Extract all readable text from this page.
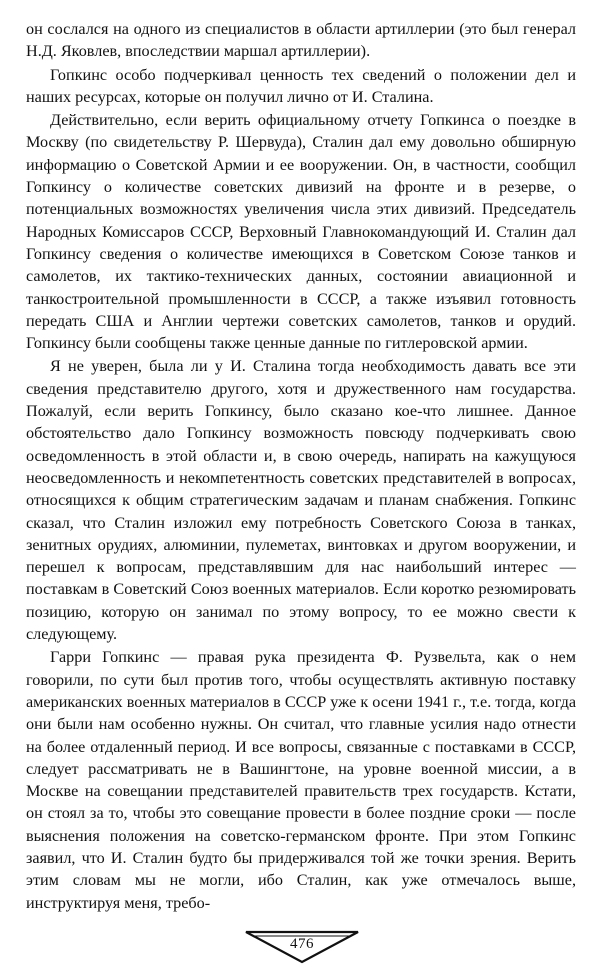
он сослался на одного из специалистов в области артиллерии (это был генерал Н.Д. Яковлев, впоследствии маршал артиллерии).

Гопкинс особо подчеркивал ценность тех сведений о положении дел и наших ресурсах, которые он получил лично от И. Сталина.

Действительно, если верить официальному отчету Гопкинса о поездке в Москву (по свидетельству Р. Шервуда), Сталин дал ему довольно обширную информацию о Советской Армии и ее вооружении. Он, в частности, сообщил Гопкинсу о количестве советских дивизий на фронте и в резерве, о потенциальных возможностях увеличения числа этих дивизий. Председатель Народных Комиссаров СССР, Верховный Главнокомандующий И. Сталин дал Гопкинсу сведения о количестве имеющихся в Советском Союзе танков и самолетов, их тактико-технических данных, состоянии авиационной и танкостроительной промышленности в СССР, а также изъявил готовность передать США и Англии чертежи советских самолетов, танков и орудий. Гопкинсу были сообщены также ценные данные по гитлеровской армии.

Я не уверен, была ли у И. Сталина тогда необходимость давать все эти сведения представителю другого, хотя и дружественного нам государства. Пожалуй, если верить Гопкинсу, было сказано кое-что лишнее. Данное обстоятельство дало Гопкинсу возможность повсюду подчеркивать свою осведомленность в этой области и, в свою очередь, напирать на кажущуюся неосведомленность и некомпетентность советских представителей в вопросах, относящихся к общим стратегическим задачам и планам снабжения. Гопкинс сказал, что Сталин изложил ему потребность Советского Союза в танках, зенитных орудиях, алюминии, пулеметах, винтовках и другом вооружении, и перешел к вопросам, представлявшим для нас наибольший интерес — поставкам в Советский Союз военных материалов. Если коротко резюмировать позицию, которую он занимал по этому вопросу, то ее можно свести к следующему.

Гарри Гопкинс — правая рука президента Ф. Рузвельта, как о нем говорили, по сути был против того, чтобы осуществлять активную поставку американских военных материалов в СССР уже к осени 1941 г., т.е. тогда, когда они были нам особенно нужны. Он считал, что главные усилия надо отнести на более отдаленный период. И все вопросы, связанные с поставками в СССР, следует рассматривать не в Вашингтоне, на уровне военной миссии, а в Москве на совещании представителей правительств трех государств. Кстати, он стоял за то, чтобы это совещание провести в более поздние сроки — после выяснения положения на советско-германском фронте. При этом Гопкинс заявил, что И. Сталин будто бы придерживался той же точки зрения. Верить этим словам мы не могли, ибо Сталин, как уже отмечалось выше, инструктируя меня, требо-

476
